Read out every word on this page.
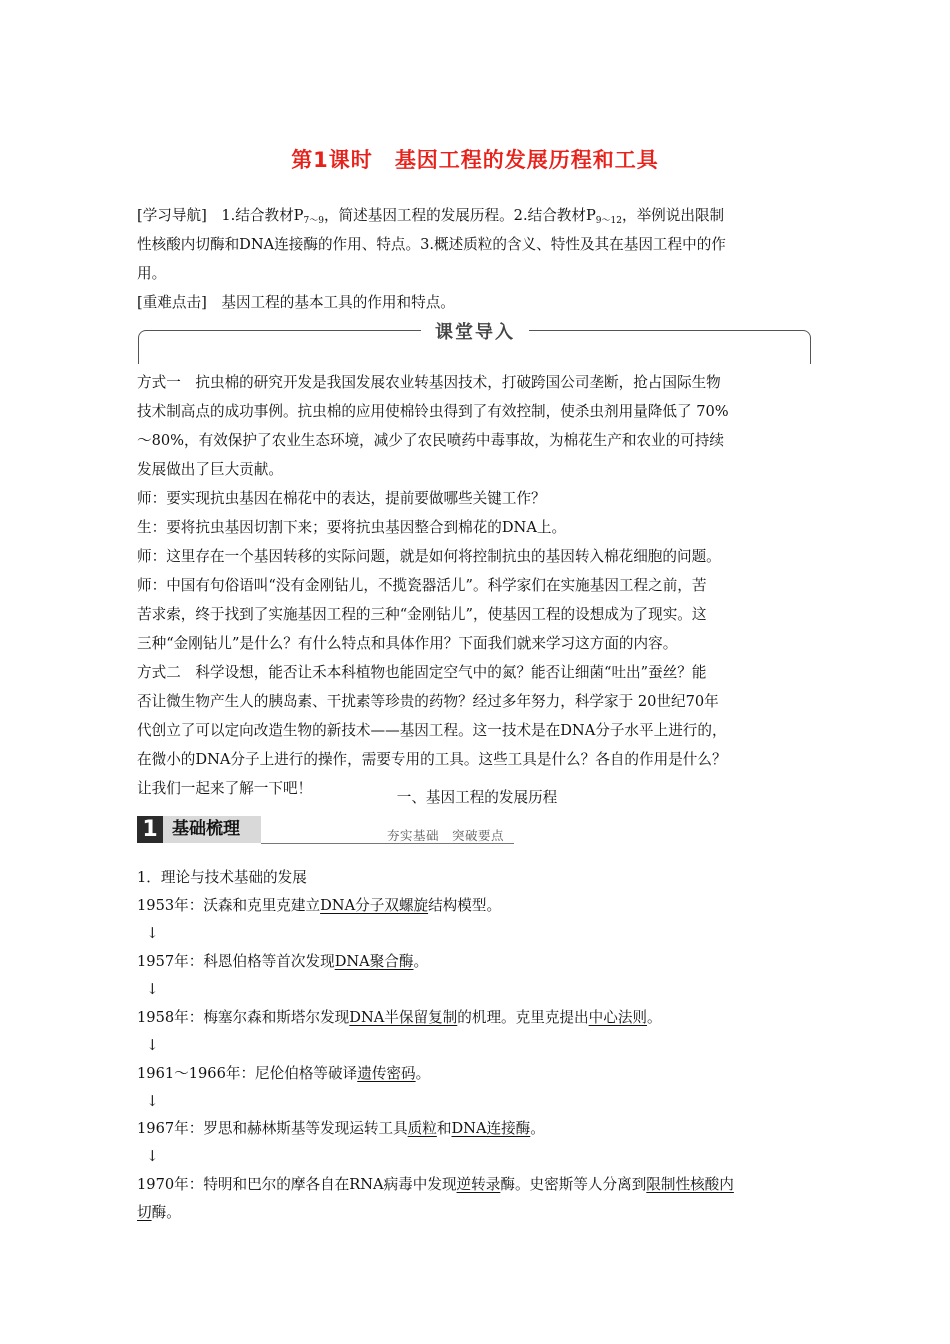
第1课时 基因工程的发展历程和工具
[学习导航]　 1.结合教材$P_{7\sim 9}$，简述基因工程的发展历程。2.结合教材$P_{9\sim 12}$，举例说出限制
性核酸内切酶和DNA连接酶的作用、特点。3.概述质粒的含义、特性及其在基因工程中的作
用。
[重难点击]　 基因工程的基本工具的作用和特点。
课堂导入
方式一　抗虫棉的研究开发是我国发展农业转基因技术，打破跨国公司垄断，抢占国际生物
技术制高点的成功事例。抗虫棉的应用使棉铃虫得到了有效控制，使杀虫剂用量降低了 70%
～80%，有效保护了农业生态环境，减少了农民喷药中毒事故，为棉花生产和农业的可持续
发展做出了巨大贡献。
师：要实现抗虫基因在棉花中的表达，提前要做哪些关键工作？
生：要将抗虫基因切割下来；要将抗虫基因整合到棉花的DNA上。
师：这里存在一个基因转移的实际问题，就是如何将控制抗虫的基因转入棉花细胞的问题。
师：中国有句俗语叫“没有金刚钻儿，不揽瓷器活儿”。科学家们在实施基因工程之前，苦
苦求索，终于找到了实施基因工程的三种“金刚钻儿”，使基因工程的设想成为了现实。这
三种“金刚钻儿”是什么？有什么特点和具体作用？下面我们就来学习这方面的内容。
方式二　科学设想，能否让禾本科植物也能固定空气中的氮？能否让细菌“吐出”蚕丝？能
否让微生物产生人的胰岛素、干扰素等珍贵的药物？经过多年努力，科学家于 20世纪70年
代创立了可以定向改造生物的新技术——基因工程。这一技术是在DNA分子水平上进行的，
在微小的DNA分子上进行的操作，需要专用的工具。这些工具是什么？各自的作用是什么？
让我们一起来了解一下吧！
一、基因工程的发展历程
1 基础梳理	夯实基础　突破要点
1．理论与技术基础的发展
1953年：沃森和克里克建立DNA分子双螺旋结构模型。
↓
1957年：科恩伯格等首次发现DNA聚合酶。
↓
1958年：梅塞尔森和斯塔尔发现DNA半保留复制的机理。克里克提出中心法则。
↓
1961～1966年：尼伦伯格等破译遗传密码。
↓
1967年：罗思和赫林斯基等发现运转工具质粒和DNA连接酶。
↓
1970年：特明和巴尔的摩各自在RNA病毒中发现逆转录酶。史密斯等人分离到限制性核酸内
切酶。
